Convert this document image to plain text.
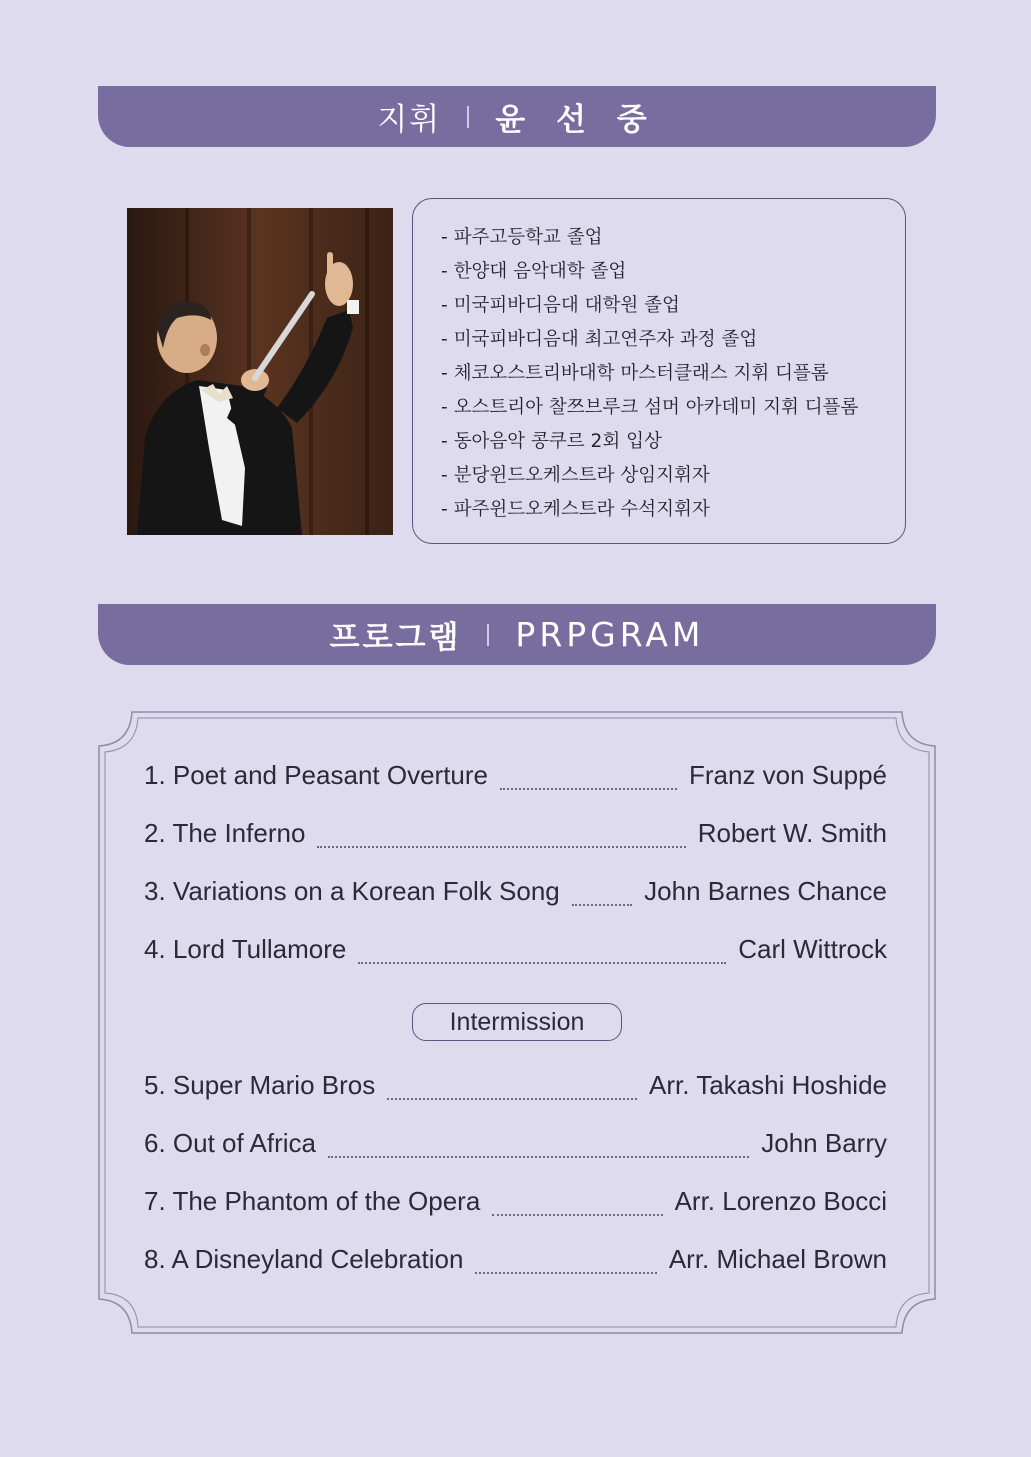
지휘 윤 선 중
- 파주고등학교 졸업
- 한양대 음악대학 졸업
- 미국피바디음대 대학원 졸업
- 미국피바디음대 최고연주자 과정 졸업
- 체코오스트리바대학 마스터클래스 지휘 디플롬
- 오스트리아 찰쯔브루크 섬머 아카데미 지휘 디플롬
- 동아음악 콩쿠르 2회 입상
- 분당윈드오케스트라 상임지휘자
- 파주윈드오케스트라 수석지휘자
프로그램 PRPGRAM
1. Poet and Peasant Overture	Franz von Suppé
2. The Inferno	Robert W. Smith
3. Variations on a Korean Folk Song	John Barnes Chance
4. Lord Tullamore	Carl Wittrock
Intermission
5. Super Mario Bros	Arr. Takashi Hoshide
6. Out of Africa	John Barry
7. The Phantom of the Opera	Arr. Lorenzo Bocci
8. A Disneyland Celebration	Arr. Michael Brown
